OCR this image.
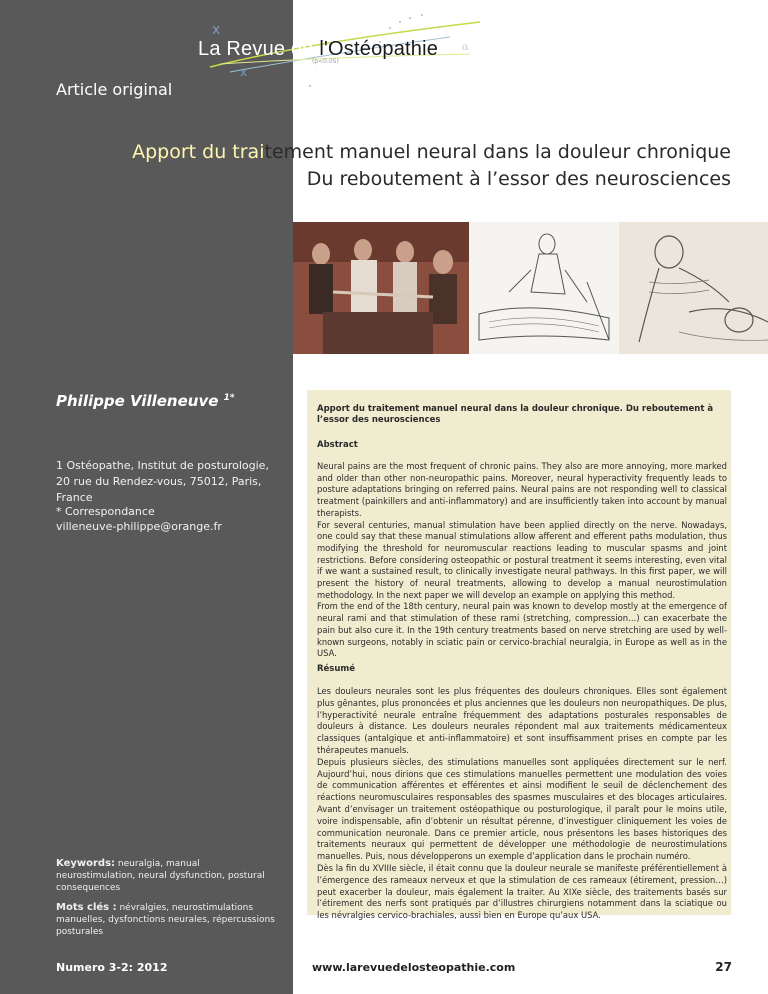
x
x
α
La Revue de l'Ostéopathie
(p<0.05)
Article original
Apport du traitement manuel neural dans la douleur chronique
Du reboutement à l’essor des neurosciences
Philippe Villeneuve $^{1*}$
1 Ostéopathe, Institut de posturologie, 20 rue du Rendez-vous, 75012, Paris, France
* Correspondance
villeneuve-philippe@orange.fr
Keywords: neuralgia, manual neurostimulation, neural dysfunction, postural consequences
Mots clés : névralgies, neurostimulations manuelles, dysfonctions neurales, répercussions posturales
Numero 3-2: 2012
Apport du traitement manuel neural dans la douleur chronique. Du reboutement à l’essor des neurosciences
Abstract

Neural pains are the most frequent of chronic pains. They also are more annoying, more marked and older than other non-neuropathic pains. Moreover, neural hyperactivity frequently leads to posture adaptations bringing on referred pains. Neural pains are not responding well to classical treatment (painkillers and anti-inflammatory) and are insufficiently taken into account by manual therapists.

For several centuries, manual stimulation have been applied directly on the nerve. Nowadays, one could say that these manual stimulations allow afferent and efferent paths modulation, thus modifying the threshold for neuromuscular reactions leading to muscular spasms and joint restrictions. Before considering osteopathic or postural treatment it seems interesting, even vital if we want a sustained result, to clinically investigate neural pathways. In this first paper, we will present the history of neural treatments, allowing to develop a manual neurostimulation methodology. In the next paper we will develop an example on applying this method.

From the end of the 18th century, neural pain was known to develop mostly at the emergence of neural rami and that stimulation of these rami (stretching, compression…) can exacerbate the pain but also cure it. In the 19th century treatments based on nerve stretching are used by well-known surgeons, notably in sciatic pain or cervico-brachial neuralgia, in Europe as well as in the USA.

Résumé

Les douleurs neurales sont les plus fréquentes des douleurs chroniques. Elles sont également plus gênantes, plus prononcées et plus anciennes que les douleurs non neuropathiques. De plus, l’hyperactivité neurale entraîne fréquemment des adaptations posturales responsables de douleurs à distance. Les douleurs neurales répondent mal aux traitements médicamenteux classiques (antalgique et anti-inflammatoire) et sont insuffisamment prises en compte par les thérapeutes manuels.

Depuis plusieurs siècles, des stimulations manuelles sont appliquées directement sur le nerf. Aujourd’hui, nous dirions que ces stimulations manuelles permettent une modulation des voies de communication afférentes et efférentes et ainsi modifient le seuil de déclenchement des réactions neuromusculaires responsables des spasmes musculaires et des blocages articulaires. Avant d’envisager un traitement ostéopathique ou posturologique, il paraît pour le moins utile, voire indispensable, afin d’obtenir un résultat pérenne, d’investiguer cliniquement les voies de communication neuronale. Dans ce premier article, nous présentons les bases historiques des traitements neuraux qui permettent de développer une méthodologie de neurostimulations manuelles. Puis, nous développerons un exemple d’application dans le prochain numéro.

Dès la fin du XVIIIe siècle, il était connu que la douleur neurale se manifeste préférentiellement à l’émergence des rameaux nerveux et que la stimulation de ces rameaux (étirement, pression…) peut exacerber la douleur, mais également la traiter. Au XIXe siècle, des traitements basés sur l’étirement des nerfs sont pratiqués par d’illustres chirurgiens notamment dans la sciatique ou les névralgies cervico-brachiales, aussi bien en Europe qu’aux USA.

www.larevuedelosteopathie.com	27
